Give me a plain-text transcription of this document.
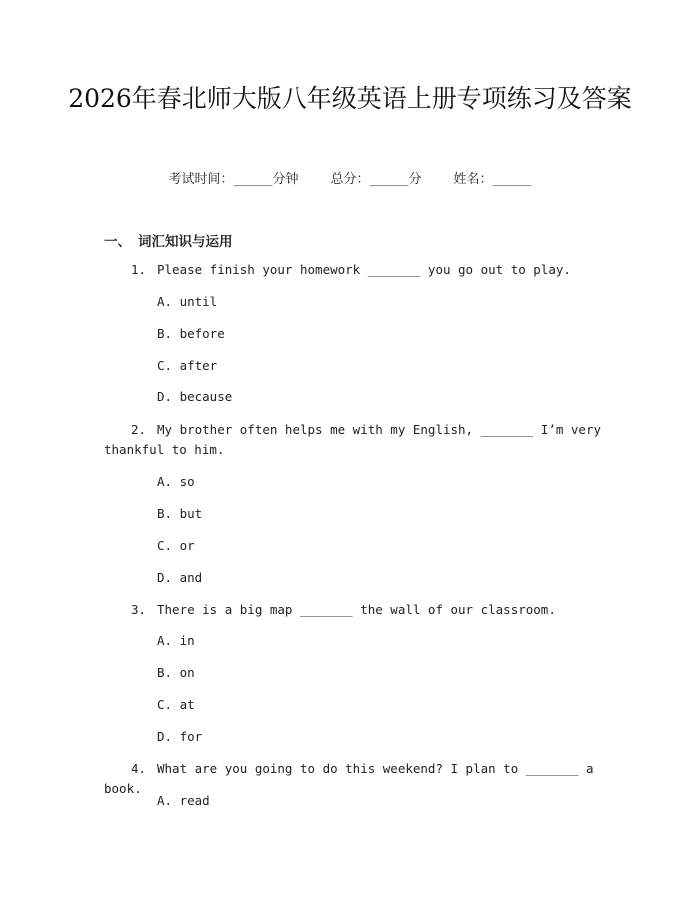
2026年春北师大版八年级英语上册专项练习及答案
考试时间：______分钟 总分：______分 姓名：______
一、 词汇知识与运用
1. Please finish your homework _______ you go out to play.
A. until
B. before
C. after
D. because
2. My brother often helps me with my English, _______ I’m very thankful to him.
A. so
B. but
C. or
D. and
3. There is a big map _______ the wall of our classroom.
A. in
B. on
C. at
D. for
4. What are you going to do this weekend? I plan to _______ a book.
A. read
